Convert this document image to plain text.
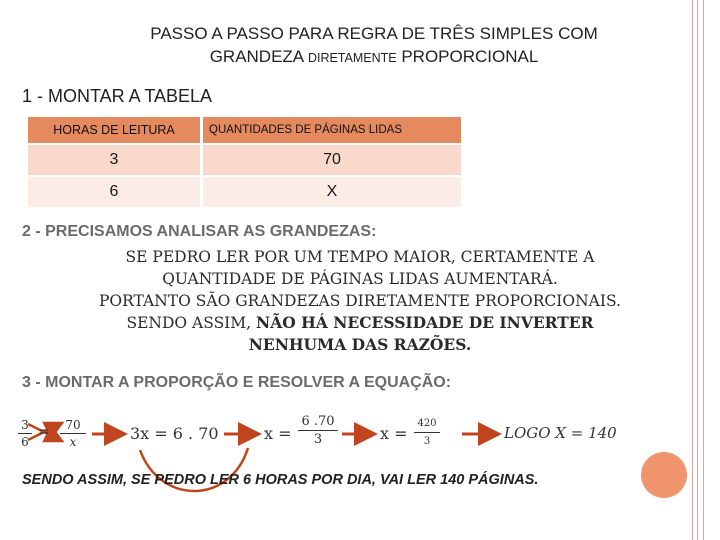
PASSO A PASSO PARA REGRA DE TRÊS SIMPLES COM
GRANDEZA DIRETAMENTE PROPORCIONAL
1 - MONTAR A TABELA
HORAS DE LEITURA	QUANTIDADES DE PÁGINAS LIDAS
3	70
6	X
2 - PRECISAMOS ANALISAR AS GRANDEZAS:
SE PEDRO LER POR UM TEMPO MAIOR, CERTAMENTE A
QUANTIDADE DE PÁGINAS LIDAS AUMENTARÁ.
PORTANTO SÃO GRANDEZAS DIRETAMENTE PROPORCIONAIS.
SENDO ASSIM, NÃO HÁ NECESSIDADE DE INVERTER
NENHUMA DAS RAZÕES.
3 - MONTAR A PROPORÇÃO E RESOLVER A EQUAÇÃO:
$\frac{3}{6} = \frac{70}{x}$	3x = 6 . 70	$x = \frac{6 .70}{3}$	$x = \frac{420}{3}$	LOGO X = 140
SENDO ASSIM, SE PEDRO LER 6 HORAS POR DIA, VAI LER 140 PÁGINAS.
